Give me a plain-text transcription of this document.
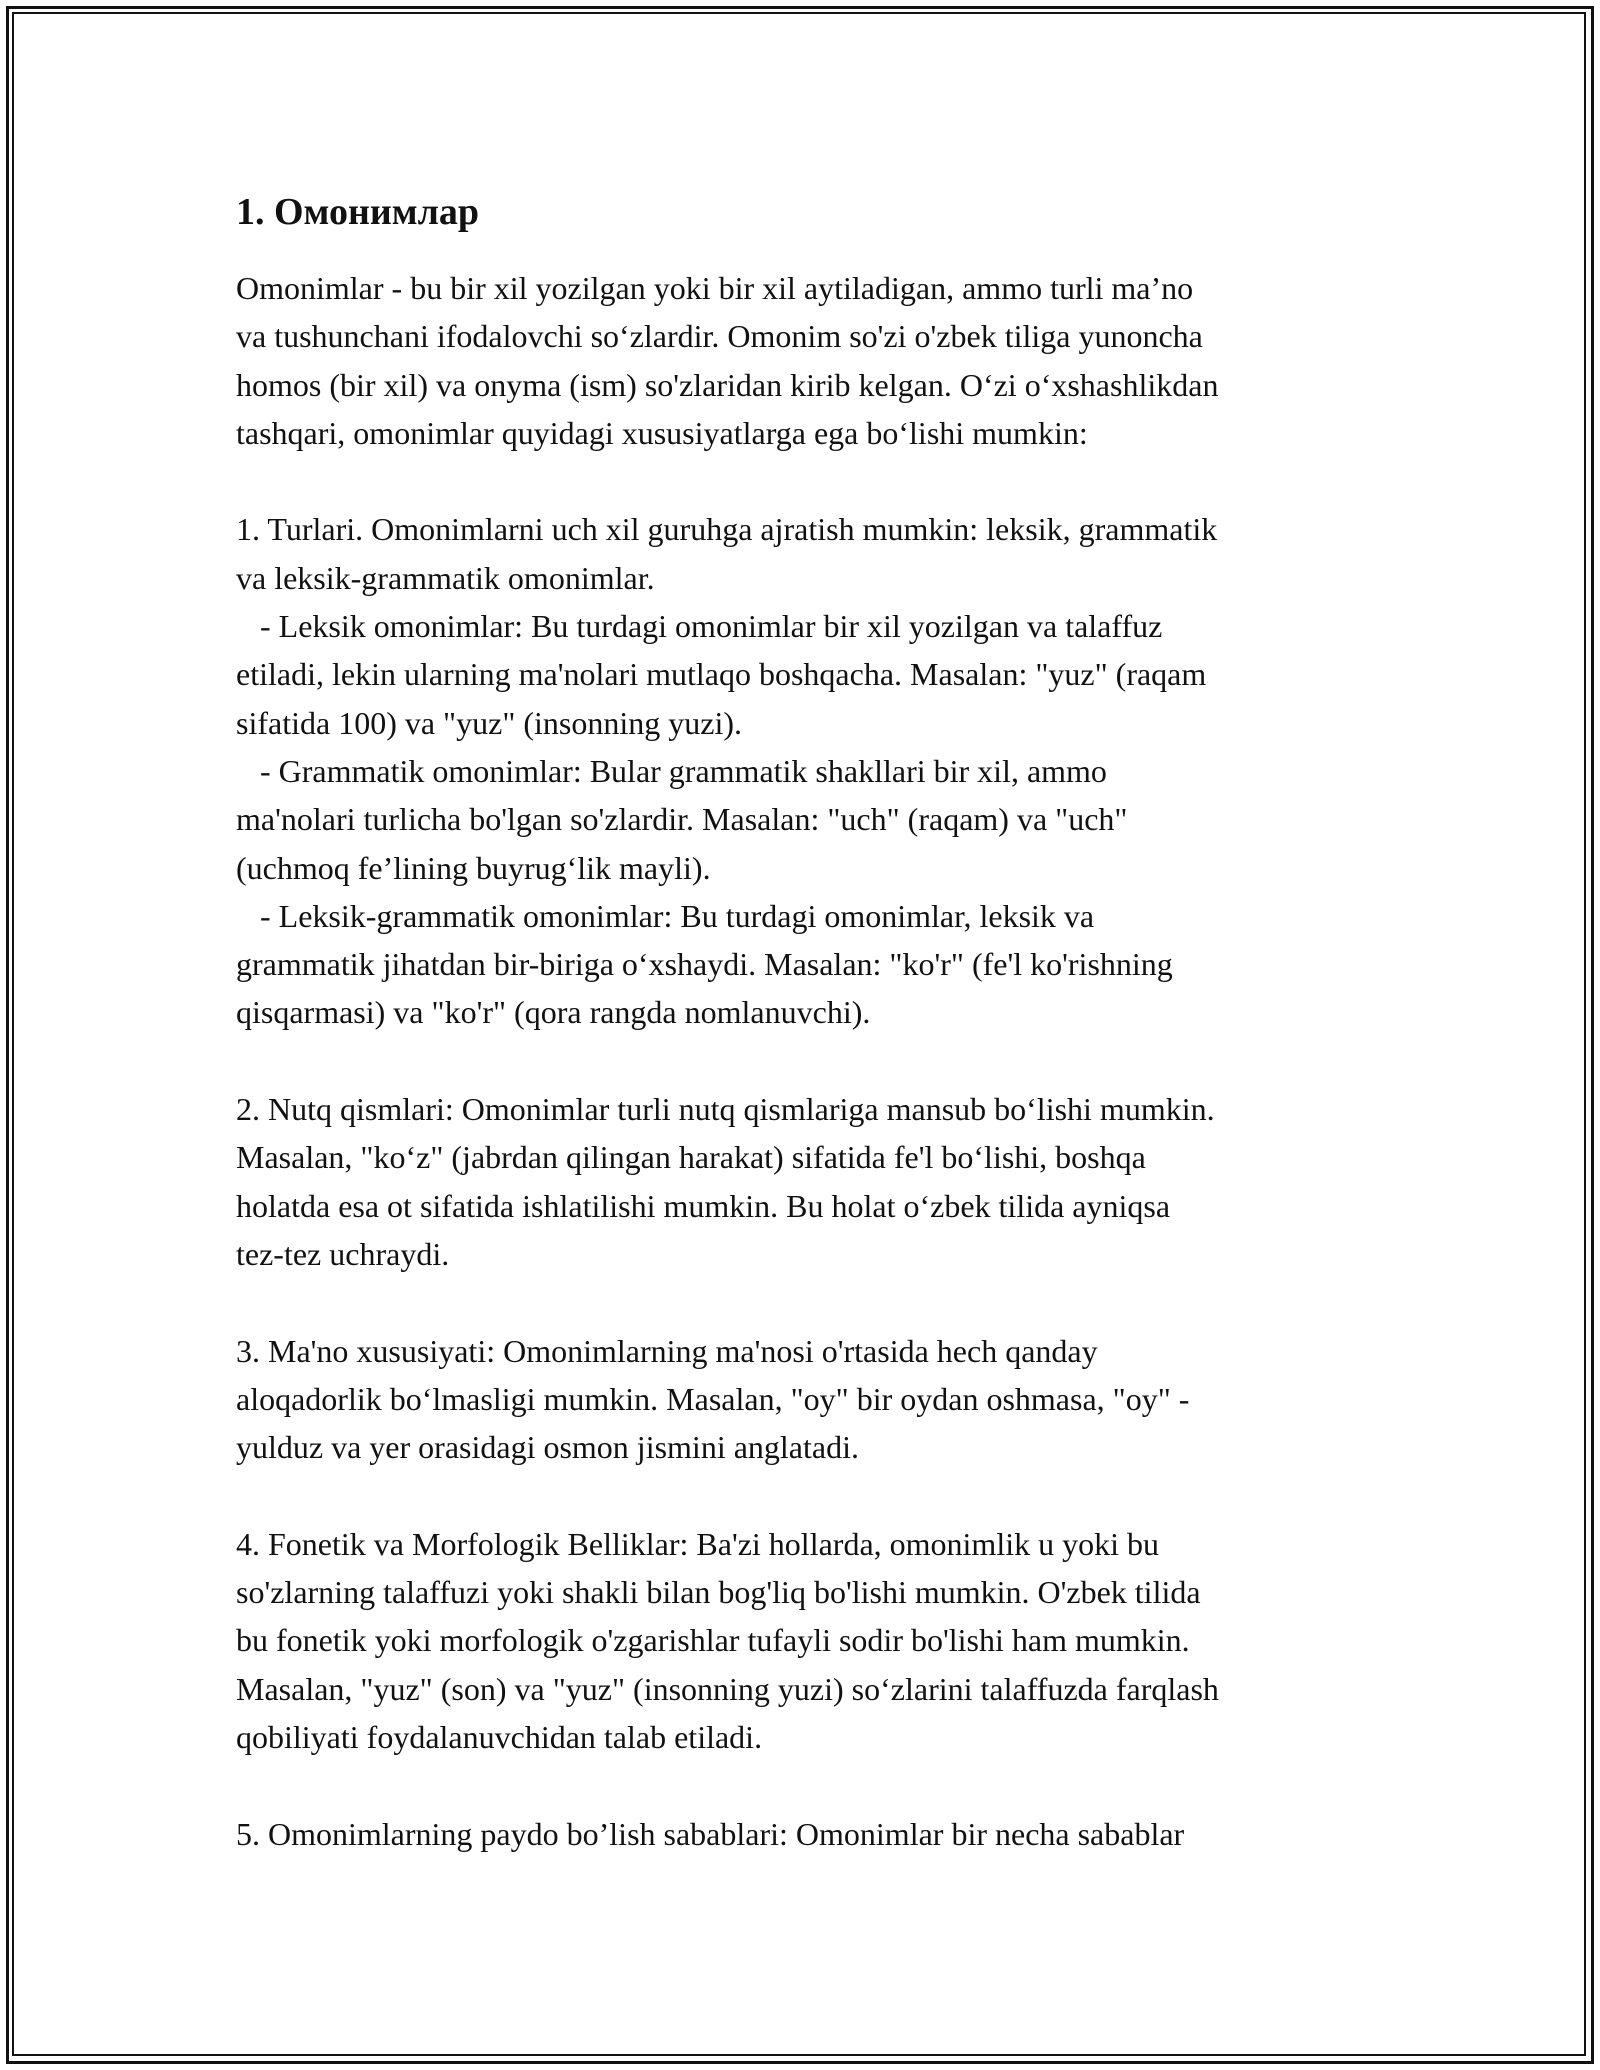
1. Омонимлар
Omonimlar - bu bir xil yozilgan yoki bir xil aytiladigan, ammo turli ma’no
va tushunchani ifodalovchi so‘zlardir. Omonim so'zi o'zbek tiliga yunoncha
homos (bir xil) va onyma (ism) so'zlaridan kirib kelgan. O‘zi o‘xshashlikdan
tashqari, omonimlar quyidagi xususiyatlarga ega bo‘lishi mumkin:
1. Turlari. Omonimlarni uch xil guruhga ajratish mumkin: leksik, grammatik
va leksik-grammatik omonimlar.
- Leksik omonimlar: Bu turdagi omonimlar bir xil yozilgan va talaffuz
etiladi, lekin ularning ma'nolari mutlaqo boshqacha. Masalan: "yuz" (raqam
sifatida 100) va "yuz" (insonning yuzi).
- Grammatik omonimlar: Bular grammatik shakllari bir xil, ammo
ma'nolari turlicha bo'lgan so'zlardir. Masalan: "uch" (raqam) va "uch"
(uchmoq fe’lining buyrug‘lik mayli).
- Leksik-grammatik omonimlar: Bu turdagi omonimlar, leksik va
grammatik jihatdan bir-biriga o‘xshaydi. Masalan: "ko'r" (fe'l ko'rishning
qisqarmasi) va "ko'r" (qora rangda nomlanuvchi).
2. Nutq qismlari: Omonimlar turli nutq qismlariga mansub bo‘lishi mumkin.
Masalan, "ko‘z" (jabrdan qilingan harakat) sifatida fe'l bo‘lishi, boshqa
holatda esa ot sifatida ishlatilishi mumkin. Bu holat o‘zbek tilida ayniqsa
tez-tez uchraydi.
3. Ma'no xususiyati: Omonimlarning ma'nosi o'rtasida hech qanday
aloqadorlik bo‘lmasligi mumkin. Masalan, "oy" bir oydan oshmasa, "oy" -
yulduz va yer orasidagi osmon jismini anglatadi.
4. Fonetik va Morfologik Belliklar: Ba'zi hollarda, omonimlik u yoki bu
so'zlarning talaffuzi yoki shakli bilan bog'liq bo'lishi mumkin. O'zbek tilida
bu fonetik yoki morfologik o'zgarishlar tufayli sodir bo'lishi ham mumkin.
Masalan, "yuz" (son) va "yuz" (insonning yuzi) so‘zlarini talaffuzda farqlash
qobiliyati foydalanuvchidan talab etiladi.
5. Omonimlarning paydo bo’lish sabablari: Omonimlar bir necha sabablar
